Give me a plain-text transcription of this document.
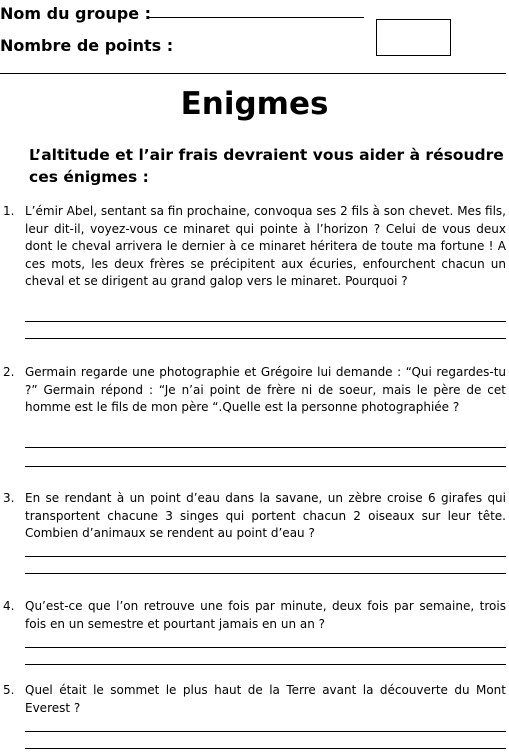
Nom du groupe :
Nombre de points :
Enigmes
L’altitude et l’air frais devraient vous aider à résoudre ces énigmes :
1. L’émir Abel, sentant sa fin prochaine, convoqua ses 2 fils à son chevet. Mes fils, leur dit-il, voyez-vous ce minaret qui pointe à l’horizon ? Celui de vous deux dont le cheval arrivera le dernier à ce minaret héritera de toute ma fortune ! A ces mots, les deux frères se précipitent aux écuries, enfourchent chacun un cheval et se dirigent au grand galop vers le minaret. Pourquoi ?
2. Germain regarde une photographie et Grégoire lui demande : “Qui regardes-tu ?” Germain répond : “Je n’ai point de frère ni de soeur, mais le père de cet homme est le fils de mon père “.Quelle est la personne photographiée ?
3. En se rendant à un point d’eau dans la savane, un zèbre croise 6 girafes qui transportent chacune 3 singes qui portent chacun 2 oiseaux sur leur tête. Combien d’animaux se rendent au point d’eau ?
4. Qu’est-ce que l’on retrouve une fois par minute, deux fois par semaine, trois fois en un semestre et pourtant jamais en un an ?
5. Quel était le sommet le plus haut de la Terre avant la découverte du Mont Everest ?
